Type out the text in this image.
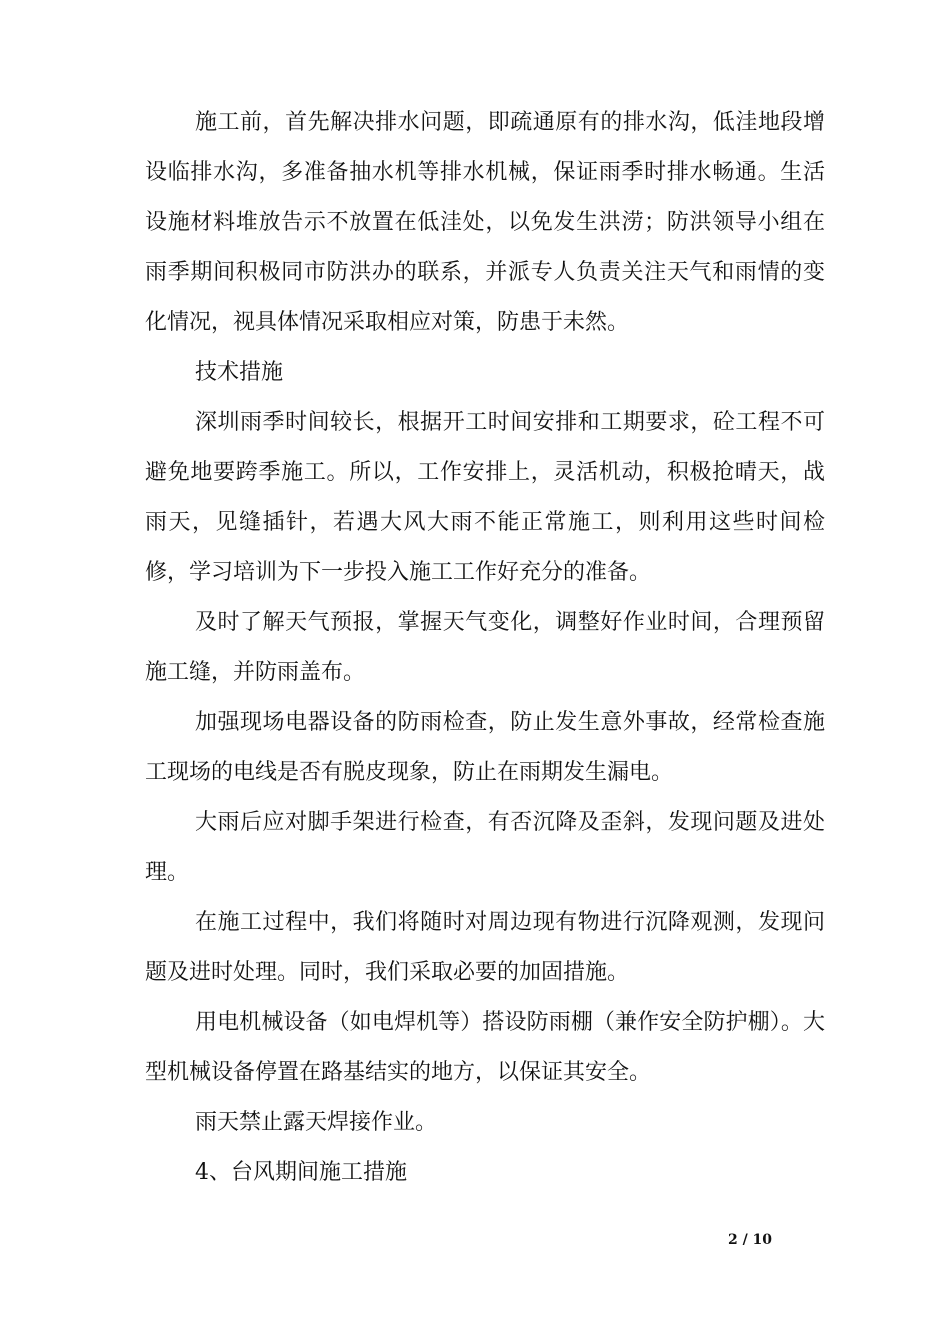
施工前，首先解决排水问题，即疏通原有的排水沟，低洼地段增设临排水沟，多准备抽水机等排水机械，保证雨季时排水畅通。生活设施材料堆放告示不放置在低洼处，以免发生洪涝；防洪领导小组在雨季期间积极同市防洪办的联系，并派专人负责关注天气和雨情的变化情况，视具体情况采取相应对策，防患于未然。

技术措施

深圳雨季时间较长，根据开工时间安排和工期要求，砼工程不可避免地要跨季施工。所以，工作安排上，灵活机动，积极抢晴天，战雨天，见缝插针，若遇大风大雨不能正常施工，则利用这些时间检修，学习培训为下一步投入施工工作好充分的准备。

及时了解天气预报，掌握天气变化，调整好作业时间，合理预留施工缝，并防雨盖布。

加强现场电器设备的防雨检查，防止发生意外事故，经常检查施工现场的电线是否有脱皮现象，防止在雨期发生漏电。

大雨后应对脚手架进行检查，有否沉降及歪斜，发现问题及进处理。

在施工过程中，我们将随时对周边现有物进行沉降观测，发现问题及进时处理。同时，我们采取必要的加固措施。

用电机械设备（如电焊机等）搭设防雨棚（兼作安全防护棚）。大型机械设备停置在路基结实的地方，以保证其安全。

雨天禁止露天焊接作业。

4、台风期间施工措施

2 / 10
